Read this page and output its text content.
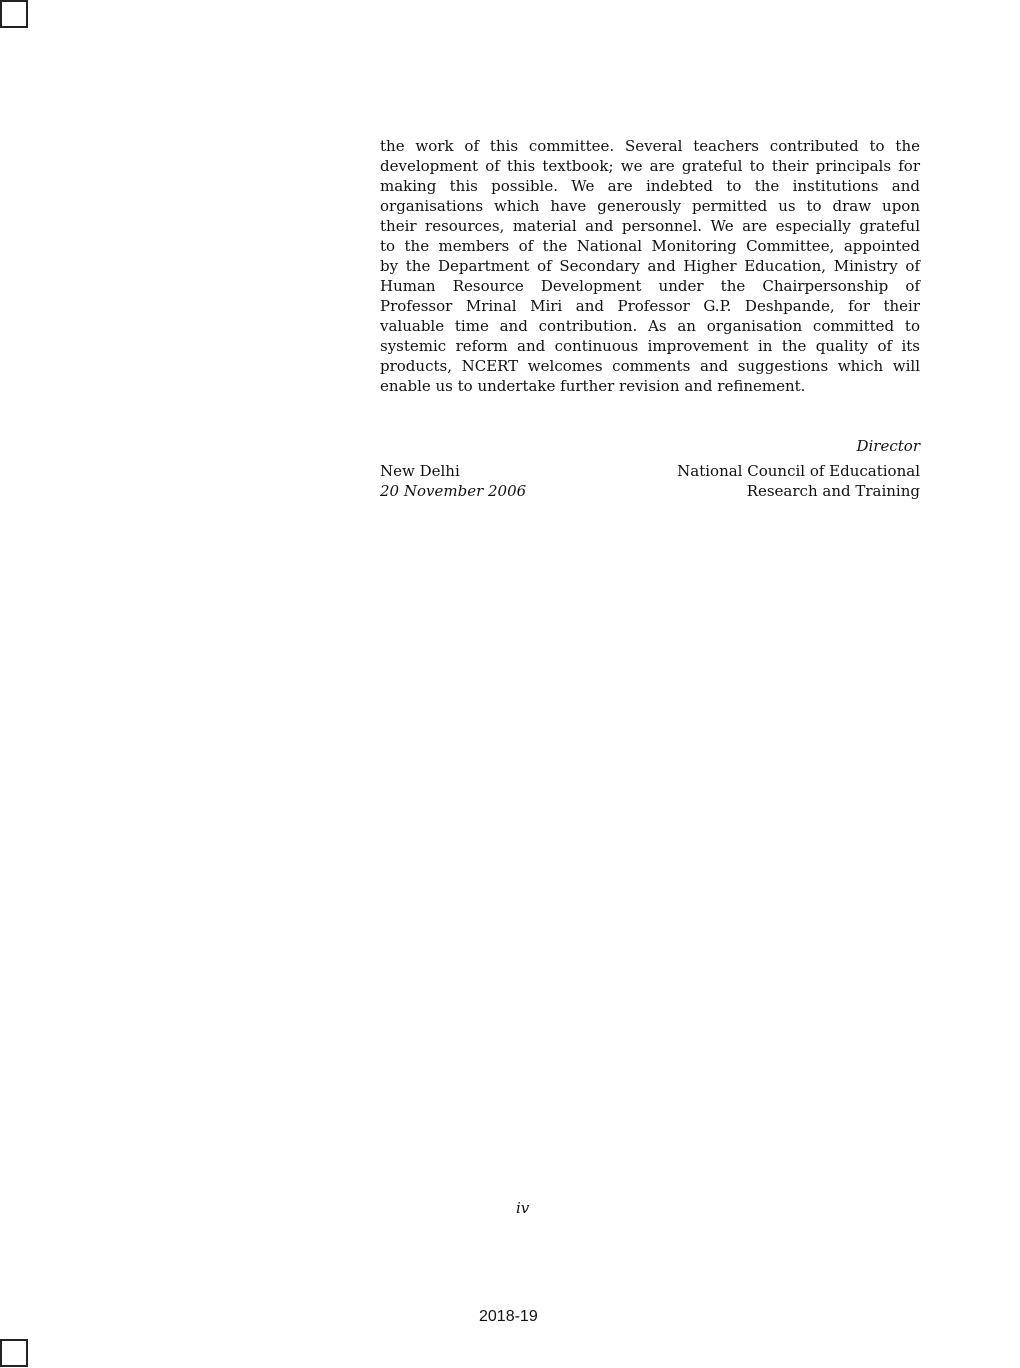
the work of this committee. Several teachers contributed to the
development of this textbook; we are grateful to their principals for
making this possible. We are indebted to the institutions and
organisations which have generously permitted us to draw upon
their resources, material and personnel. We are especially grateful
to the members of the National Monitoring Committee, appointed
by the Department of Secondary and Higher Education, Ministry of
Human Resource Development under the Chairpersonship of
Professor Mrinal Miri and Professor G.P. Deshpande, for their
valuable time and contribution. As an organisation committed to
systemic reform and continuous improvement in the quality of its
products, NCERT welcomes comments and suggestions which will
enable us to undertake further revision and refinement.
Director
New Delhi
20 November 2006
National Council of Educational
Research and Training
iv
2018-19
